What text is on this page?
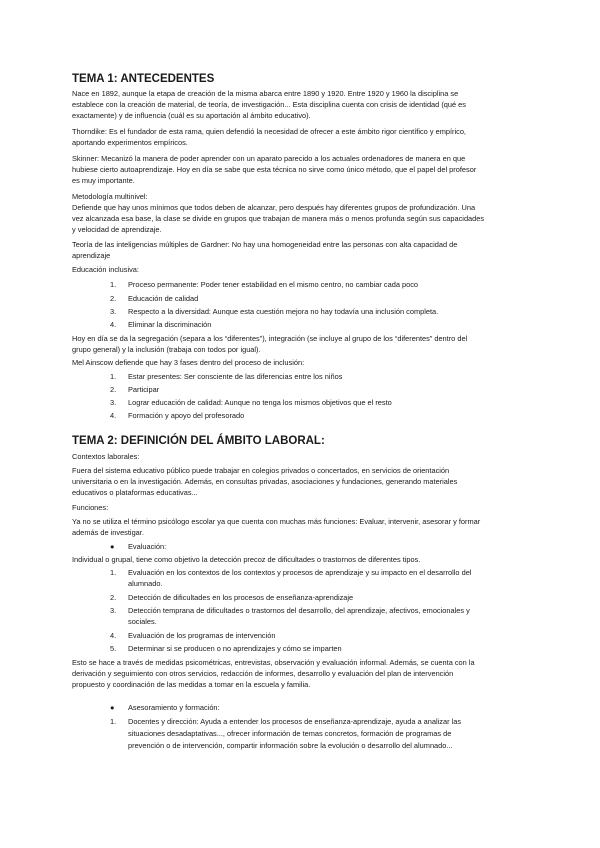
TEMA 1: ANTECEDENTES
Nace en 1892, aunque la etapa de creación de la misma abarca entre 1890 y 1920. Entre 1920 y 1960 la disciplina se
establece con la creación de material, de teoría, de investigación... Esta disciplina cuenta con crisis de identidad (qué es
exactamente) y de influencia (cuál es su aportación al ámbito educativo).
Thorndike: Es el fundador de esta rama, quien defendió la necesidad de ofrecer a este ámbito rigor científico y empírico,
aportando experimentos empíricos.
Skinner: Mecanizó la manera de poder aprender con un aparato parecido a los actuales ordenadores de manera en que
hubiese cierto autoaprendizaje. Hoy en día se sabe que esta técnica no sirve como único método, que el papel del profesor
es muy importante.
Metodología multinivel:
Defiende que hay unos mínimos que todos deben de alcanzar, pero después hay diferentes grupos de profundización. Una
vez alcanzada esa base, la clase se divide en grupos que trabajan de manera más o menos profunda según sus capacidades
y velocidad de aprendizaje.
Teoría de las inteligencias múltiples de Gardner: No hay una homogeneidad entre las personas con alta capacidad de
aprendizaje
Educación inclusiva:
1. Proceso permanente: Poder tener estabilidad en el mismo centro, no cambiar cada poco
2. Educación de calidad
3. Respecto a la diversidad: Aunque esta cuestión mejora no hay todavía una inclusión completa.
4. Eliminar la discriminación
Hoy en día se da la segregación (separa a los “diferentes”), integración (se incluye al grupo de los “diferentes” dentro del
grupo general) y la inclusión (trabaja con todos por igual).
Mel Ainscow defiende que hay 3 fases dentro del proceso de inclusión:
1. Estar presentes: Ser consciente de las diferencias entre los niños
2. Participar
3. Lograr educación de calidad: Aunque no tenga los mismos objetivos que el resto
4. Formación y apoyo del profesorado
TEMA 2: DEFINICIÓN DEL ÁMBITO LABORAL:
Contextos laborales:
Fuera del sistema educativo público puede trabajar en colegios privados o concertados, en servicios de orientación
universitaria o en la investigación. Además, en consultas privadas, asociaciones y fundaciones, generando materiales
educativos o plataformas educativas...
Funciones:
Ya no se utiliza el término psicólogo escolar ya que cuenta con muchas más funciones: Evaluar, intervenir, asesorar y formar
además de investigar.
● Evaluación:
Individual o grupal, tiene como objetivo la detección precoz de dificultades o trastornos de diferentes tipos.
1. Evaluación en los contextos de los contextos y procesos de aprendizaje y su impacto en el desarrollo del
alumnado.
2. Detección de dificultades en los procesos de enseñanza-aprendizaje
3. Detección temprana de dificultades o trastornos del desarrollo, del aprendizaje, afectivos, emocionales y
sociales.
4. Evaluación de los programas de intervención
5. Determinar si se producen o no aprendizajes y cómo se imparten
Esto se hace a través de medidas psicométricas, entrevistas, observación y evaluación informal. Además, se cuenta con la
derivación y seguimiento con otros servicios, redacción de informes, desarrollo y evaluación del plan de intervención
propuesto y coordinación de las medidas a tomar en la escuela y familia.
● Asesoramiento y formación:
1. Docentes y dirección: Ayuda a entender los procesos de enseñanza-aprendizaje, ayuda a analizar las
situaciones desadaptativas..., ofrecer información de temas concretos, formación de programas de
prevención o de intervención, compartir información sobre la evolución o desarrollo del alumnado...
